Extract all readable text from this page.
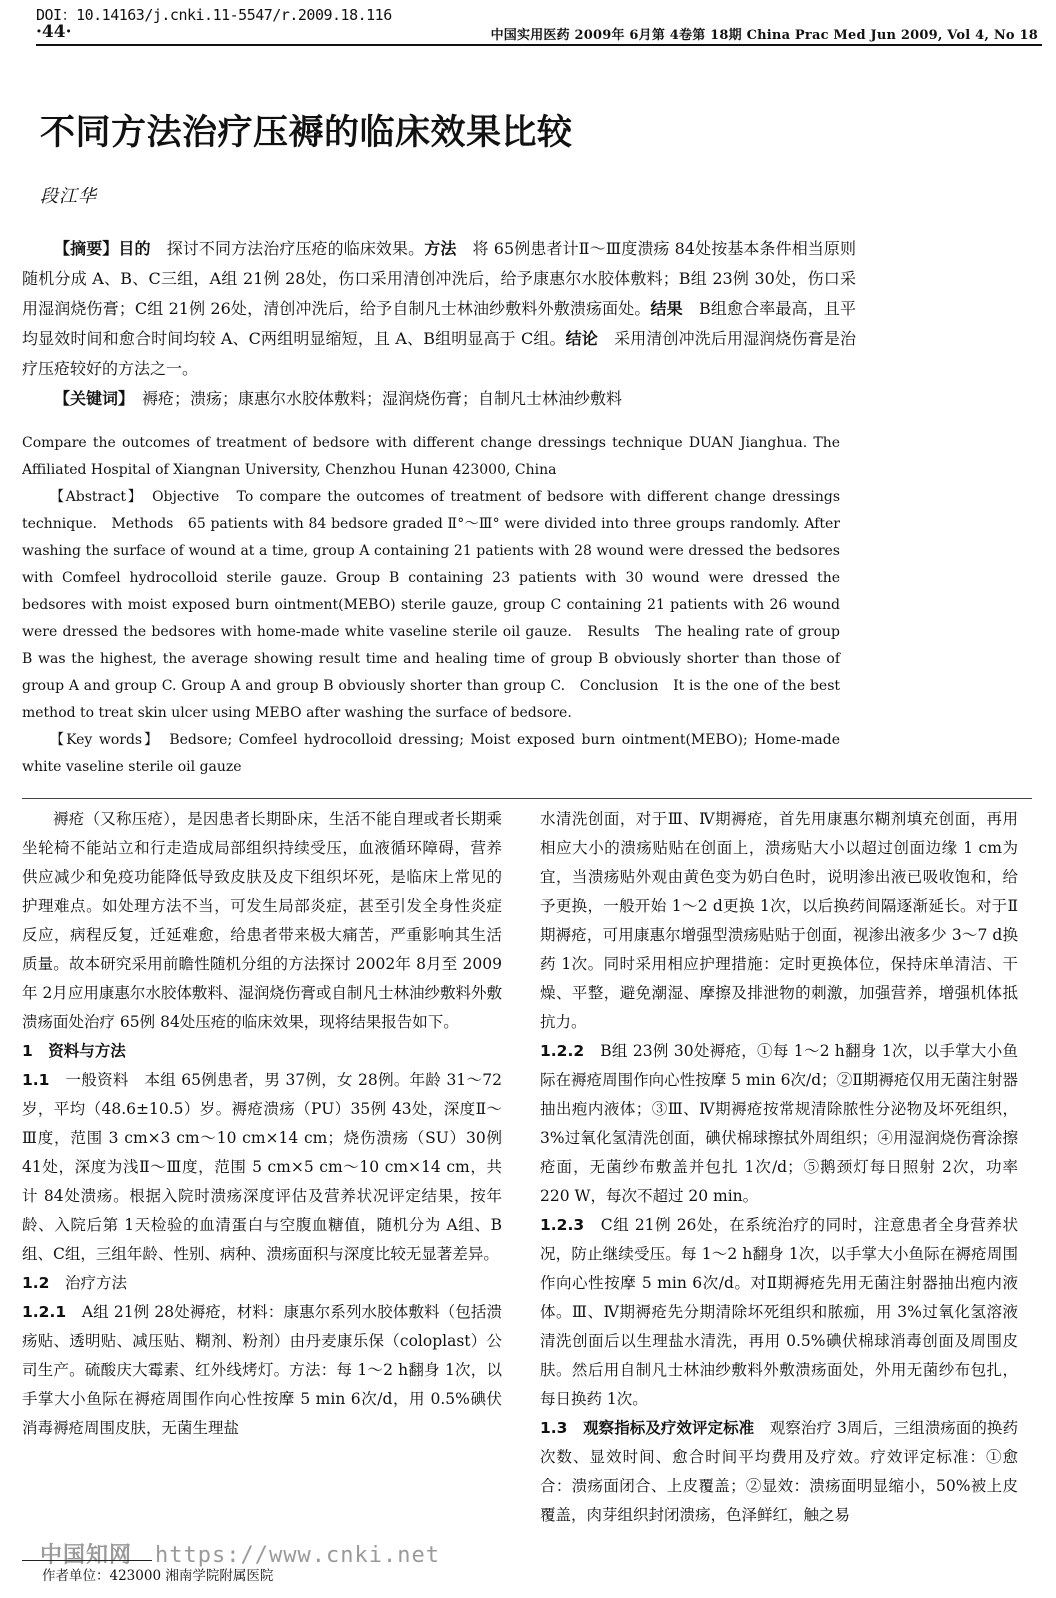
DOI：10.14163/j.cnki.11-5547/r.2009.18.116
·44·	中国实用医药 2009年 6月第 4卷第 18期 China Prac Med Jun 2009, Vol 4, No 18
不同方法治疗压褥的临床效果比较
段江华

【摘要】目的　 探讨不同方法治疗压疮的临床效果。方法　 将 65例患者计Ⅱ～Ⅲ度溃疡 84处按基本条件相当原则随机分成 A、B、C三组，A组 21例 28处，伤口采用清创冲洗后，给予康惠尔水胶体敷料；B组 23例 30处，伤口采用湿润烧伤膏；C组 21例 26处，清创冲洗后，给予自制凡士林油纱敷料外敷溃疡面处。结果　 B组愈合率最高，且平均显效时间和愈合时间均较 A、C两组明显缩短，且 A、B组明显高于 C组。结论　 采用清创冲洗后用湿润烧伤膏是治疗压疮较好的方法之一。

【关键词】　 褥疮；溃疡；康惠尔水胶体敷料；湿润烧伤膏；自制凡士林油纱敷料

Compare the outcomes of treatment of bedsore with different change dressings technique DUAN Jianghua. The Affiliated Hospital of Xiangnan University, Chenzhou Hunan 423000, China

【Abstract】　 Objective　 To compare the outcomes of treatment of bedsore with different change dressings technique.　 Methods　 65 patients with 84 bedsore graded Ⅱ°～Ⅲ° were divided into three groups randomly. After washing the surface of wound at a time, group A containing 21 patients with 28 wound were dressed the bedsores with Comfeel hydrocolloid sterile gauze. Group B containing 23 patients with 30 wound were dressed the bedsores with moist exposed burn ointment(MEBO) sterile gauze, group C containing 21 patients with 26 wound were dressed the bedsores with home-made white vaseline sterile oil gauze.　 Results　 The healing rate of group B was the highest, the average showing result time and healing time of group B obviously shorter than those of group A and group C. Group A and group B obviously shorter than group C.　 Conclusion　 It is the one of the best method to treat skin ulcer using MEBO after washing the surface of bedsore.

【Key words】　 Bedsore; Comfeel hydrocolloid dressing; Moist exposed burn ointment(MEBO); Home-made white vaseline sterile oil gauze

褥疮（又称压疮），是因患者长期卧床，生活不能自理或者长期乘坐轮椅不能站立和行走造成局部组织持续受压，血液循环障碍，营养供应减少和免疫功能降低导致皮肤及皮下组织坏死，是临床上常见的护理难点。如处理方法不当，可发生局部炎症，甚至引发全身性炎症反应，病程反复，迁延难愈，给患者带来极大痛苦，严重影响其生活质量。故本研究采用前瞻性随机分组的方法探讨 2002年 8月至 2009年 2月应用康惠尔水胶体敷料、湿润烧伤膏或自制凡士林油纱敷料外敷溃疡面处治疗 65例 84处压疮的临床效果，现将结果报告如下。

1　资料与方法

1.1　 一般资料　 本组 65例患者，男 37例，女 28例。年龄 31～72岁，平均（48.6±10.5）岁。褥疮溃疡（PU）35例 43处，深度Ⅱ～Ⅲ度，范围 3 cm×3 cm～10 cm×14 cm；烧伤溃疡（SU）30例 41处，深度为浅Ⅱ～Ⅲ度，范围 5 cm×5 cm～10 cm×14 cm，共计 84处溃疡。根据入院时溃疡深度评估及营养状况评定结果，按年龄、入院后第 1天检验的血清蛋白与空腹血糖值，随机分为 A组、B组、C组，三组年龄、性别、病种、溃疡面积与深度比较无显著差异。

1.2　 治疗方法

1.2.1　 A组 21例 28处褥疮，材料：康惠尔系列水胶体敷料（包括溃疡贴、透明贴、减压贴、糊剂、粉剂）由丹麦康乐保（coloplast）公司生产。硫酸庆大霉素、红外线烤灯。方法：每 1～2 h翻身 1次，以手掌大小鱼际在褥疮周围作向心性按摩 5 min 6次/d，用 0.5%碘伏消毒褥疮周围皮肤，无菌生理盐

水清洗创面，对于Ⅲ、Ⅳ期褥疮，首先用康惠尔糊剂填充创面，再用相应大小的溃疡贴贴在创面上，溃疡贴大小以超过创面边缘 1 cm为宜，当溃疡贴外观由黄色变为奶白色时，说明渗出液已吸收饱和，给予更换，一般开始 1～2 d更换 1次，以后换药间隔逐渐延长。对于Ⅱ期褥疮，可用康惠尔增强型溃疡贴贴于创面，视渗出液多少 3～7 d换药 1次。同时采用相应护理措施：定时更换体位，保持床单清洁、干燥、平整，避免潮湿、摩擦及排泄物的刺激，加强营养，增强机体抵抗力。

1.2.2　 B组 23例 30处褥疮，①每 1～2 h翻身 1次，以手掌大小鱼际在褥疮周围作向心性按摩 5 min 6次/d；②Ⅱ期褥疮仅用无菌注射器抽出疱内液体；③Ⅲ、Ⅳ期褥疮按常规清除脓性分泌物及坏死组织，3%过氧化氢清洗创面，碘伏棉球擦拭外周组织；④用湿润烧伤膏涂擦疮面，无菌纱布敷盖并包扎 1次/d；⑤鹅颈灯每日照射 2次，功率 220 W，每次不超过 20 min。

1.2.3　 C组 21例 26处，在系统治疗的同时，注意患者全身营养状况，防止继续受压。每 1～2 h翻身 1次，以手掌大小鱼际在褥疮周围作向心性按摩 5 min 6次/d。对Ⅱ期褥疮先用无菌注射器抽出疱内液体。Ⅲ、Ⅳ期褥疮先分期清除坏死组织和脓痂，用 3%过氧化氢溶液清洗创面后以生理盐水清洗，再用 0.5%碘伏棉球消毒创面及周围皮肤。然后用自制凡士林油纱敷料外敷溃疡面处，外用无菌纱布包扎，每日换药 1次。

1.3　 观察指标及疗效评定标准　 观察治疗 3周后，三组溃疡面的换药次数、显效时间、愈合时间平均费用及疗效。疗效评定标准：①愈合：溃疡面闭合、上皮覆盖；②显效：溃疡面明显缩小，50%被上皮覆盖，肉芽组织封闭溃疡，色泽鲜红，触之易

中国知网　 https://www.cnki.net
作者单位：423000 湘南学院附属医院
